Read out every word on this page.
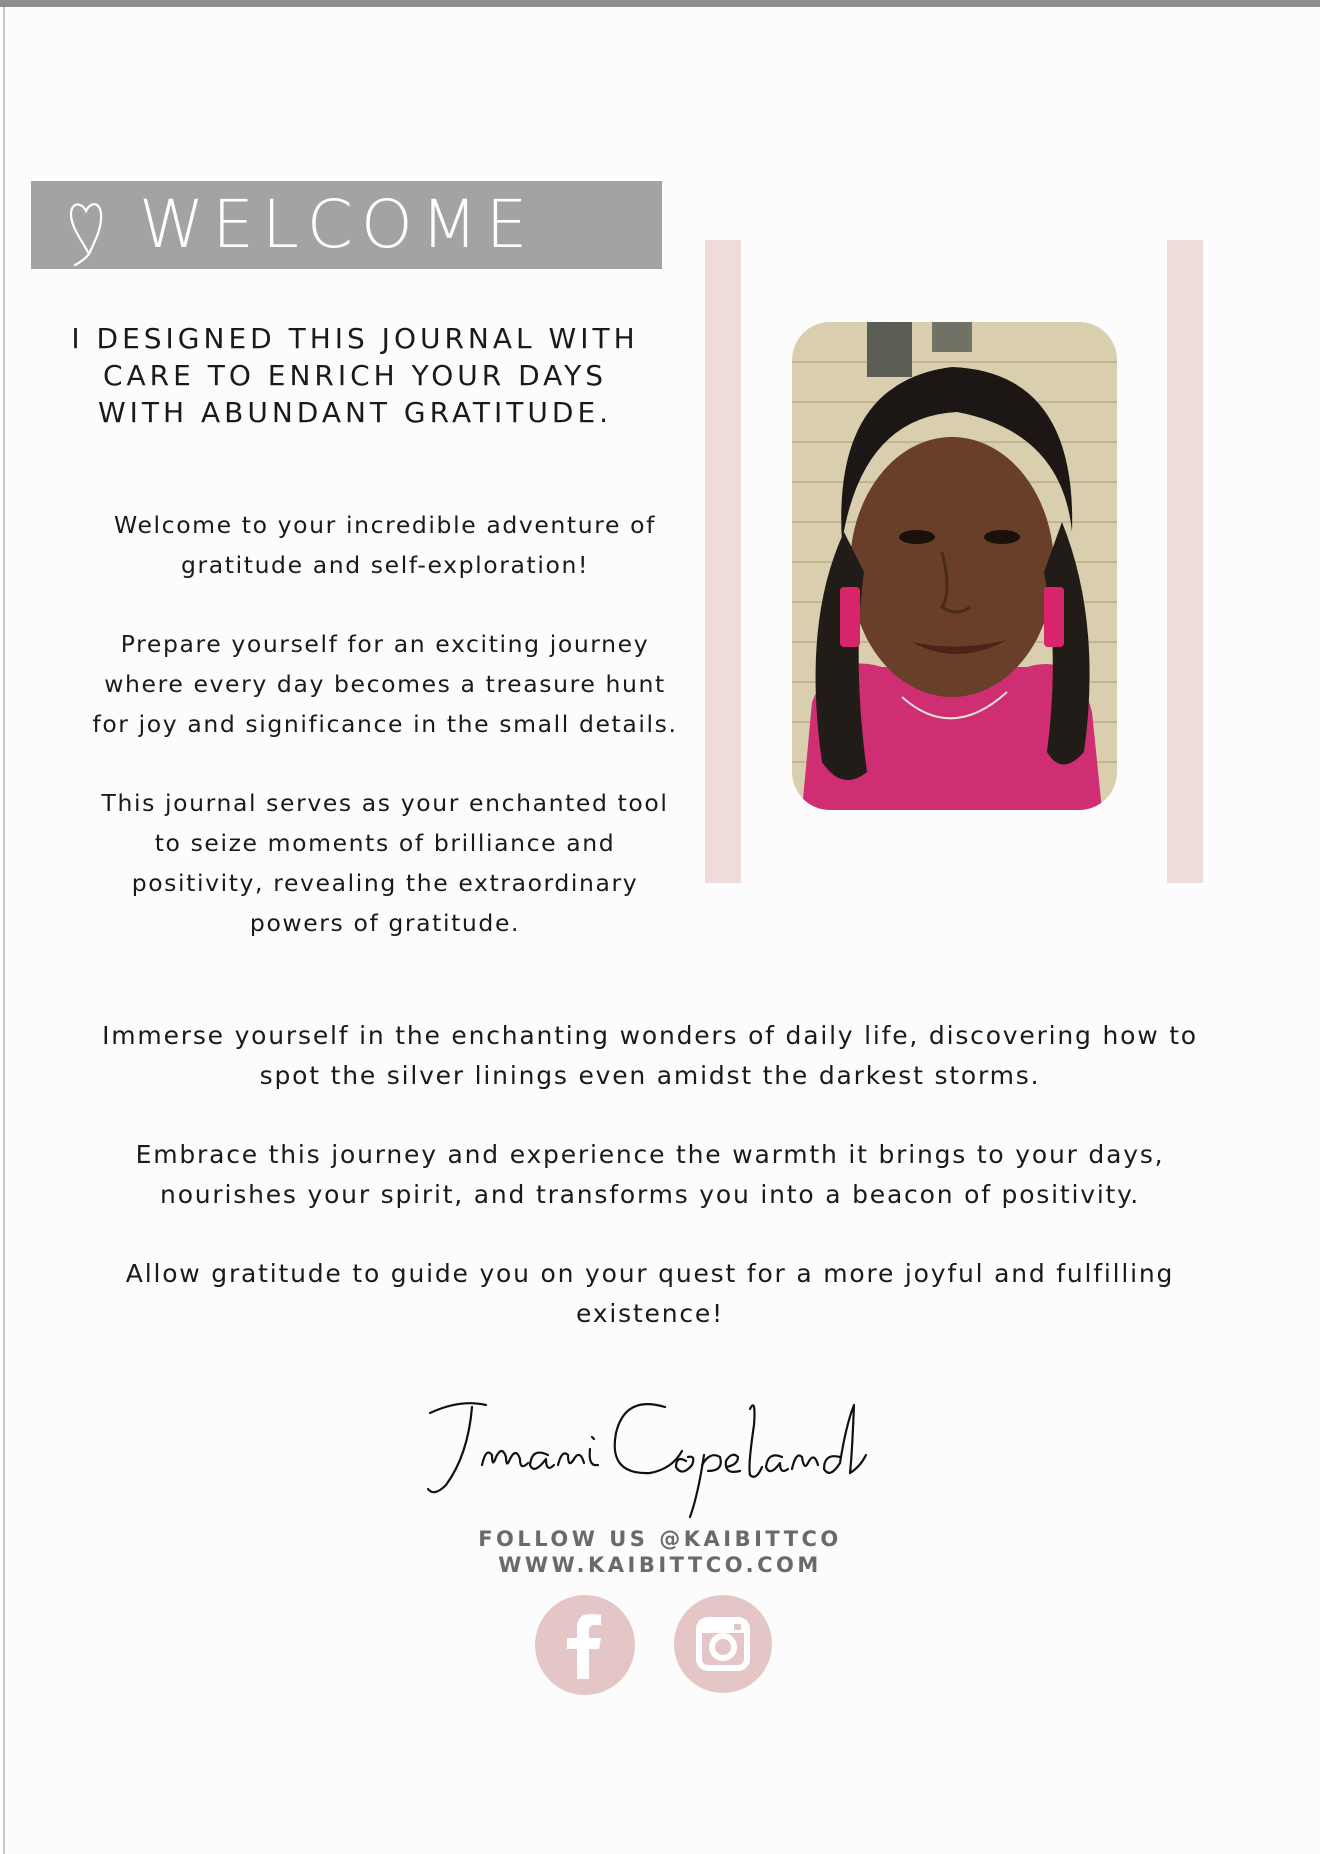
WELCOME
I DESIGNED THIS JOURNAL WITH CARE TO ENRICH YOUR DAYS WITH ABUNDANT GRATITUDE.

Welcome to your incredible adventure of gratitude and self-exploration!

Prepare yourself for an exciting journey where every day becomes a treasure hunt for joy and significance in the small details.

This journal serves as your enchanted tool to seize moments of brilliance and positivity, revealing the extraordinary powers of gratitude.

Immerse yourself in the enchanting wonders of daily life, discovering how to spot the silver linings even amidst the darkest storms.

Embrace this journey and experience the warmth it brings to your days, nourishes your spirit, and transforms you into a beacon of positivity.

Allow gratitude to guide you on your quest for a more joyful and fulfilling existence!

FOLLOW US @KAIBITTCO
WWW.KAIBITTCO.COM
